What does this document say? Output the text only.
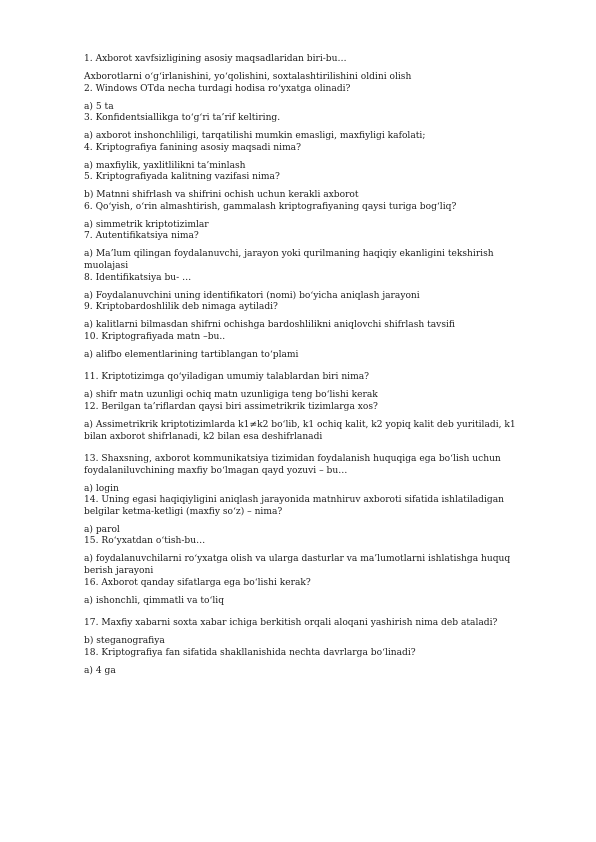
1. Axborot xavfsizligining asosiy maqsadlaridan biri-bu…

Axborotlarni o‘g‘irlanishini, yo‘qolishini, soxtalashtirilishini oldini olish

2. Windows OTda necha turdagi hodisa ro‘yxatga olinadi?

a) 5 ta

3. Konfidentsiallikga to‘g‘ri ta’rif keltiring.

a) axborot inshonchliligi, tarqatilishi mumkin emasligi, maxfiyligi kafolati;

4. Kriptografiya fanining asosiy maqsadi nima?

a) maxfiylik, yaxlitlilikni ta’minlash

5. Kriptografiyada kalitning vazifasi nima?

b) Matnni shifrlash va shifrini ochish uchun kerakli axborot

6. Qo‘yish, o‘rin almashtirish, gammalash kriptografiyaning qaysi turiga bog‘liq?

a) simmetrik kriptotizimlar

7. Autentifikatsiya nima?

a) Ma’lum qilingan foydalanuvchi, jarayon yoki qurilmaning haqiqiy ekanligini tekshirish muolajasi

8. Identifikatsiya bu- …

a) Foydalanuvchini uning identifikatori (nomi) bo‘yicha aniqlash jarayoni

9. Kriptobardoshlilik deb nimaga aytiladi?

a) kalitlarni bilmasdan shifrni ochishga bardoshlilikni aniqlovchi shifrlash tavsifi

10. Kriptografiyada matn –bu..

a) alifbo elementlarining tartiblangan to‘plami

11. Kriptotizimga qo‘yiladigan umumiy talablardan biri nima?

a) shifr matn uzunligi ochiq matn uzunligiga teng bo‘lishi kerak

12. Berilgan ta’riflardan qaysi biri assimetrikrik tizimlarga xos?

a) Assimetrikrik kriptotizimlarda k1≠k2 bo‘lib, k1 ochiq kalit, k2 yopiq kalit deb yuritiladi, k1 bilan axborot shifrlanadi, k2 bilan esa deshifrlanadi

13. Shaxsning, axborot kommunikatsiya tizimidan foydalanish huquqiga ega bo‘lish uchun foydalaniluvchining maxfiy bo‘lmagan qayd yozuvi – bu…

a) login

14. Uning egasi haqiqiyligini aniqlash jarayonida matnhiruv axboroti sifatida ishlatiladigan belgilar ketma-ketligi (maxfiy so‘z) – nima?

a) parol

15. Ro‘yxatdan o‘tish-bu…

a) foydalanuvchilarni ro‘yxatga olish va ularga dasturlar va ma’lumotlarni ishlatishga huquq berish jarayoni

16. Axborot qanday sifatlarga ega bo‘lishi kerak?

a) ishonchli, qimmatli va to‘liq

17. Maxfiy xabarni soxta xabar ichiga berkitish orqali aloqani yashirish nima deb ataladi?

b) steganografiya

18. Kriptografiya fan sifatida shakllanishida nechta davrlarga bo‘linadi?

a) 4 ga
